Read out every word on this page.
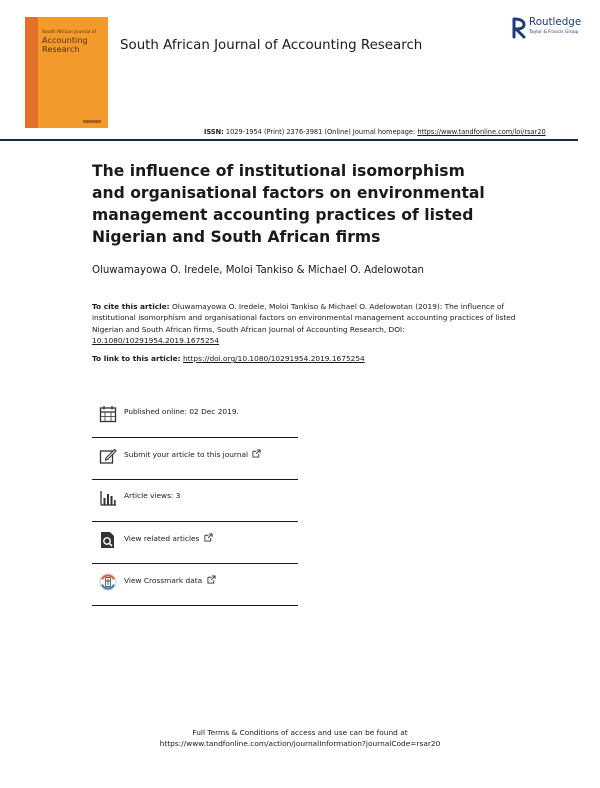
South African Journal of
Accounting
Research	South African Journal of Accounting Research
Routledge
Taylor & Francis Group
ISSN: 1029-1954 (Print) 2376-3981 (Online) Journal homepage: https://www.tandfonline.com/loi/rsar20
The influence of institutional isomorphism and organisational factors on environmental management accounting practices of listed Nigerian and South African firms
Oluwamayowa O. Iredele, Moloi Tankiso & Michael O. Adelowotan
To cite this article: Oluwamayowa O. Iredele, Moloi Tankiso & Michael O. Adelowotan (2019): The influence of institutional isomorphism and organisational factors on environmental management accounting practices of listed Nigerian and South African firms, South African Journal of Accounting Research, DOI: 10.1080/10291954.2019.1675254
To link to this article: https://doi.org/10.1080/10291954.2019.1675254
Published online: 02 Dec 2019.
Submit your article to this journal
Article views: 3
View related articles
View Crossmark data
Full Terms & Conditions of access and use can be found at
https://www.tandfonline.com/action/journalInformation?journalCode=rsar20
